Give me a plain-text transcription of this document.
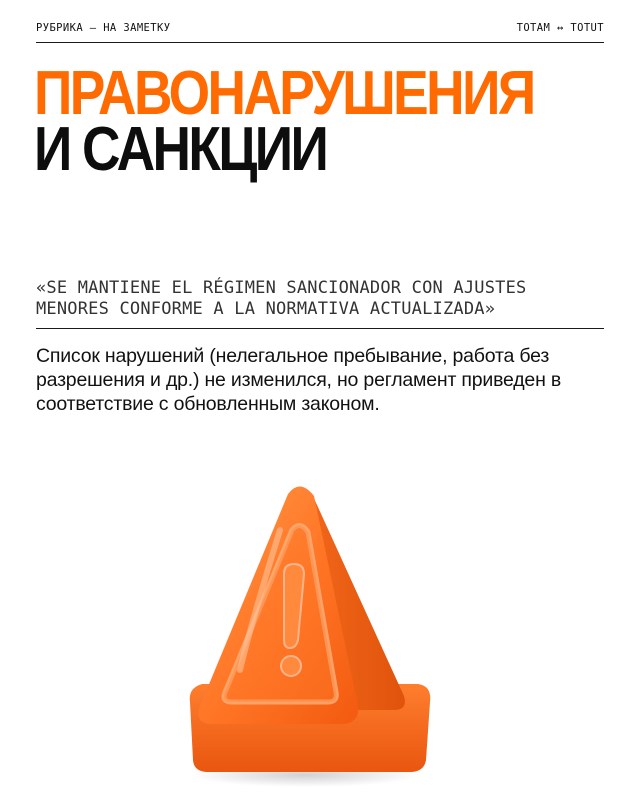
РУБРИКА — НА ЗАМЕТКУ	TOTAM ↔ TOTUT
ПРАВОНАРУШЕНИЯ
И САНКЦИИ
«SE MANTIENE EL RÉGIMEN SANCIONADOR CON AJUSTES MENORES CONFORME A LA NORMATIVA ACTUALIZADA»
Список нарушений (нелегальное пребывание, работа без разрешения и др.) не изменился, но регламент приведен в соответствие с обновленным законом.
